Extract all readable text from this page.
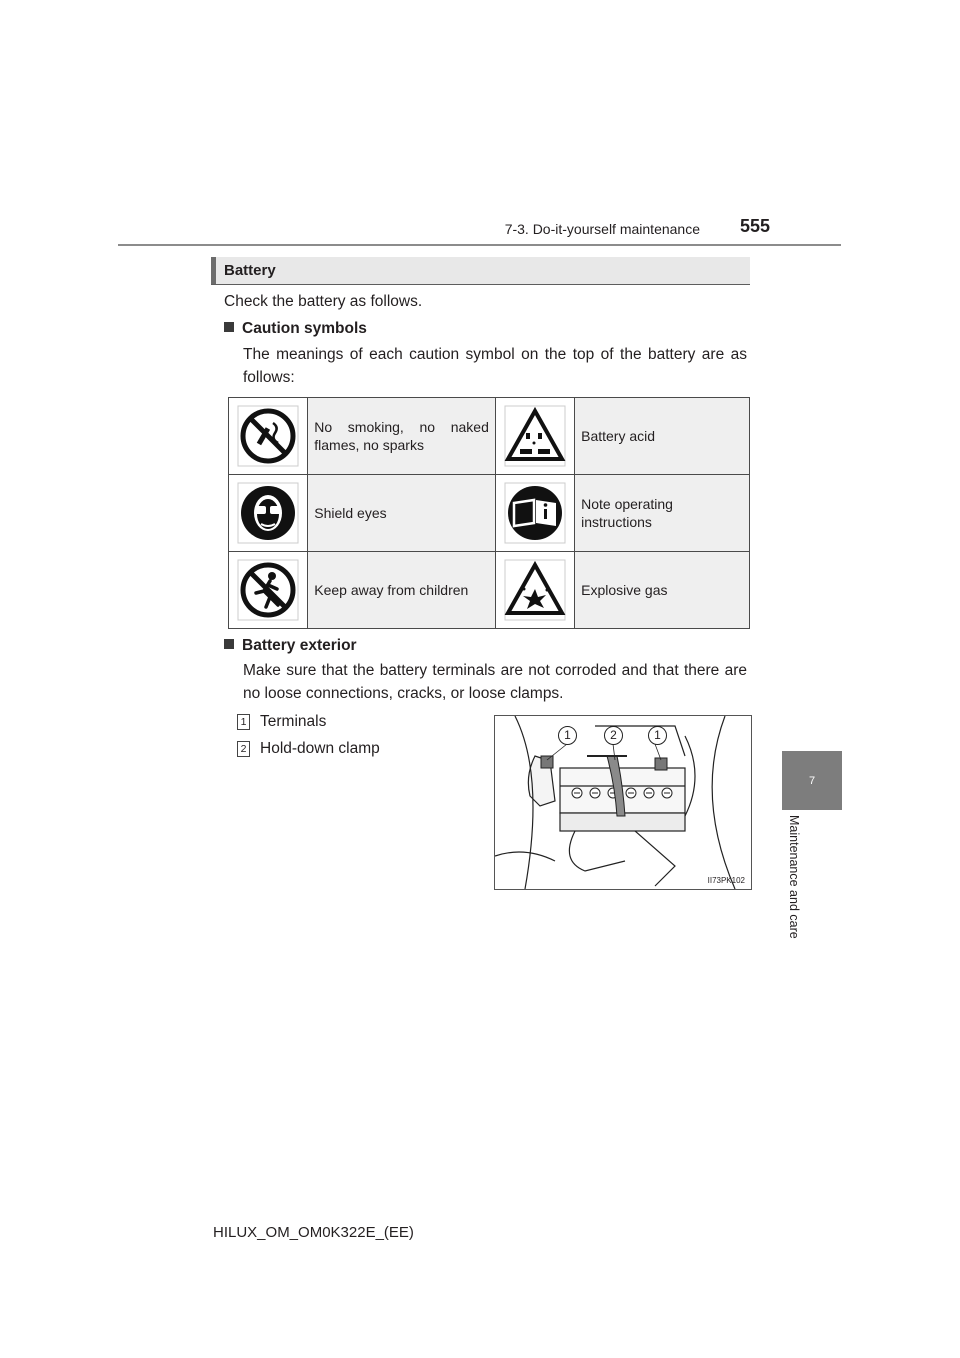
7-3. Do-it-yourself maintenance 555
7
Maintenance and care
Battery
Check the battery as follows.
Caution symbols
The meanings of each caution symbol on the top of the battery are as follows:
	No smoking, no naked flames, no sparks		Battery acid

	Shield eyes		Note operating instructions

	Keep away from children		Explosive gas
Battery exterior
Make sure that the battery terminals are not corroded and that there are no loose connections, cracks, or loose clamps.
1 Terminals
2 Hold-down clamp
1	2	1
II73PK102
HILUX_OM_OM0K322E_(EE)
